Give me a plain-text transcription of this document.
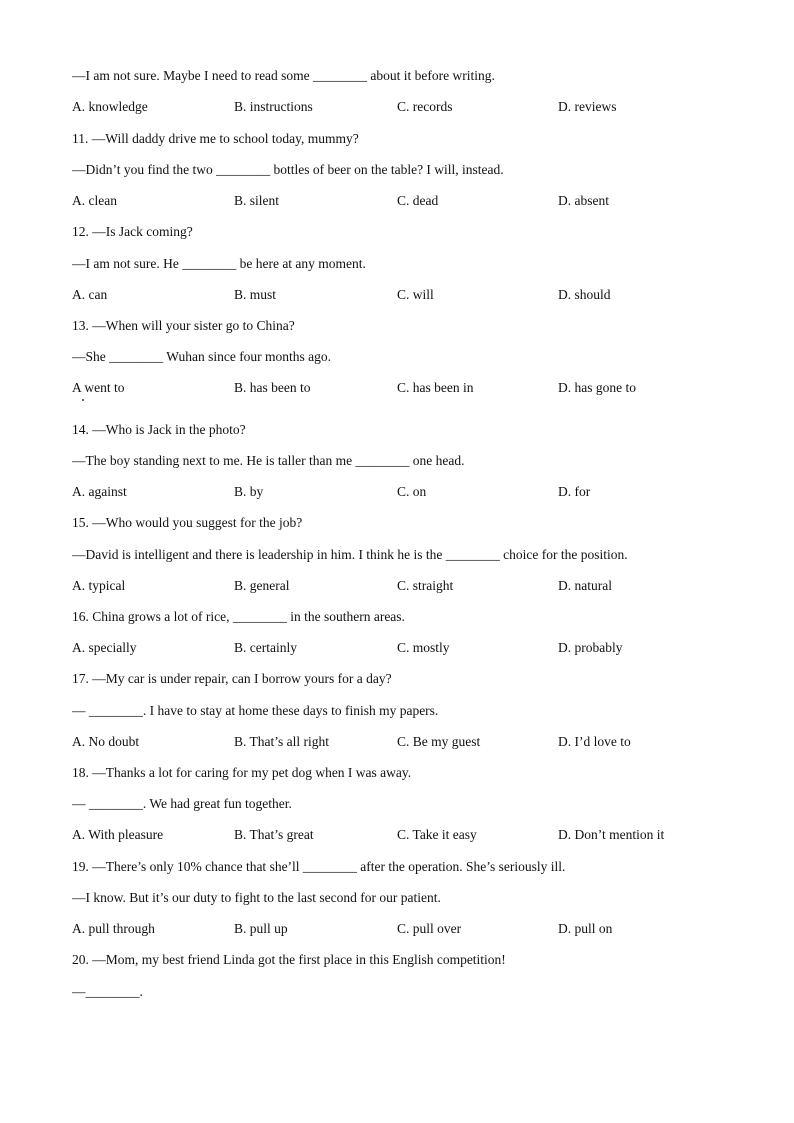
—I am not sure. Maybe I need to read some ________ about it before writing.
A. knowledge	B. instructions	C. records	D. reviews
11. —Will daddy drive me to school today, mummy?
—Didn’t you find the two ________ bottles of beer on the table? I will, instead.
A. clean	B. silent	C. dead	D. absent
12. —Is Jack coming?
—I am not sure. He ________ be here at any moment.
A. can	B. must	C. will	D. should
13. —When will your sister go to China?
—She ________ Wuhan since four months ago.
A went to	B. has been to	C. has been in	D. has gone to
14. —Who is Jack in the photo?
—The boy standing next to me. He is taller than me ________ one head.
A. against	B. by	C. on	D. for
15. —Who would you suggest for the job?
—David is intelligent and there is leadership in him. I think he is the ________ choice for the position.
A. typical	B. general	C. straight	D. natural
16. China grows a lot of rice, ________ in the southern areas.
A. specially	B. certainly	C. mostly	D. probably
17. —My car is under repair, can I borrow yours for a day?
— ________. I have to stay at home these days to finish my papers.
A. No doubt	B. That’s all right	C. Be my guest	D. I’d love to
18. —Thanks a lot for caring for my pet dog when I was away.
— ________. We had great fun together.
A. With pleasure	B. That’s great	C. Take it easy	D. Don’t mention it
19. —There’s only 10% chance that she’ll ________ after the operation. She’s seriously ill.
—I know. But it’s our duty to fight to the last second for our patient.
A. pull through	B. pull up	C. pull over	D. pull on
20. —Mom, my best friend Linda got the first place in this English competition!
—________.
